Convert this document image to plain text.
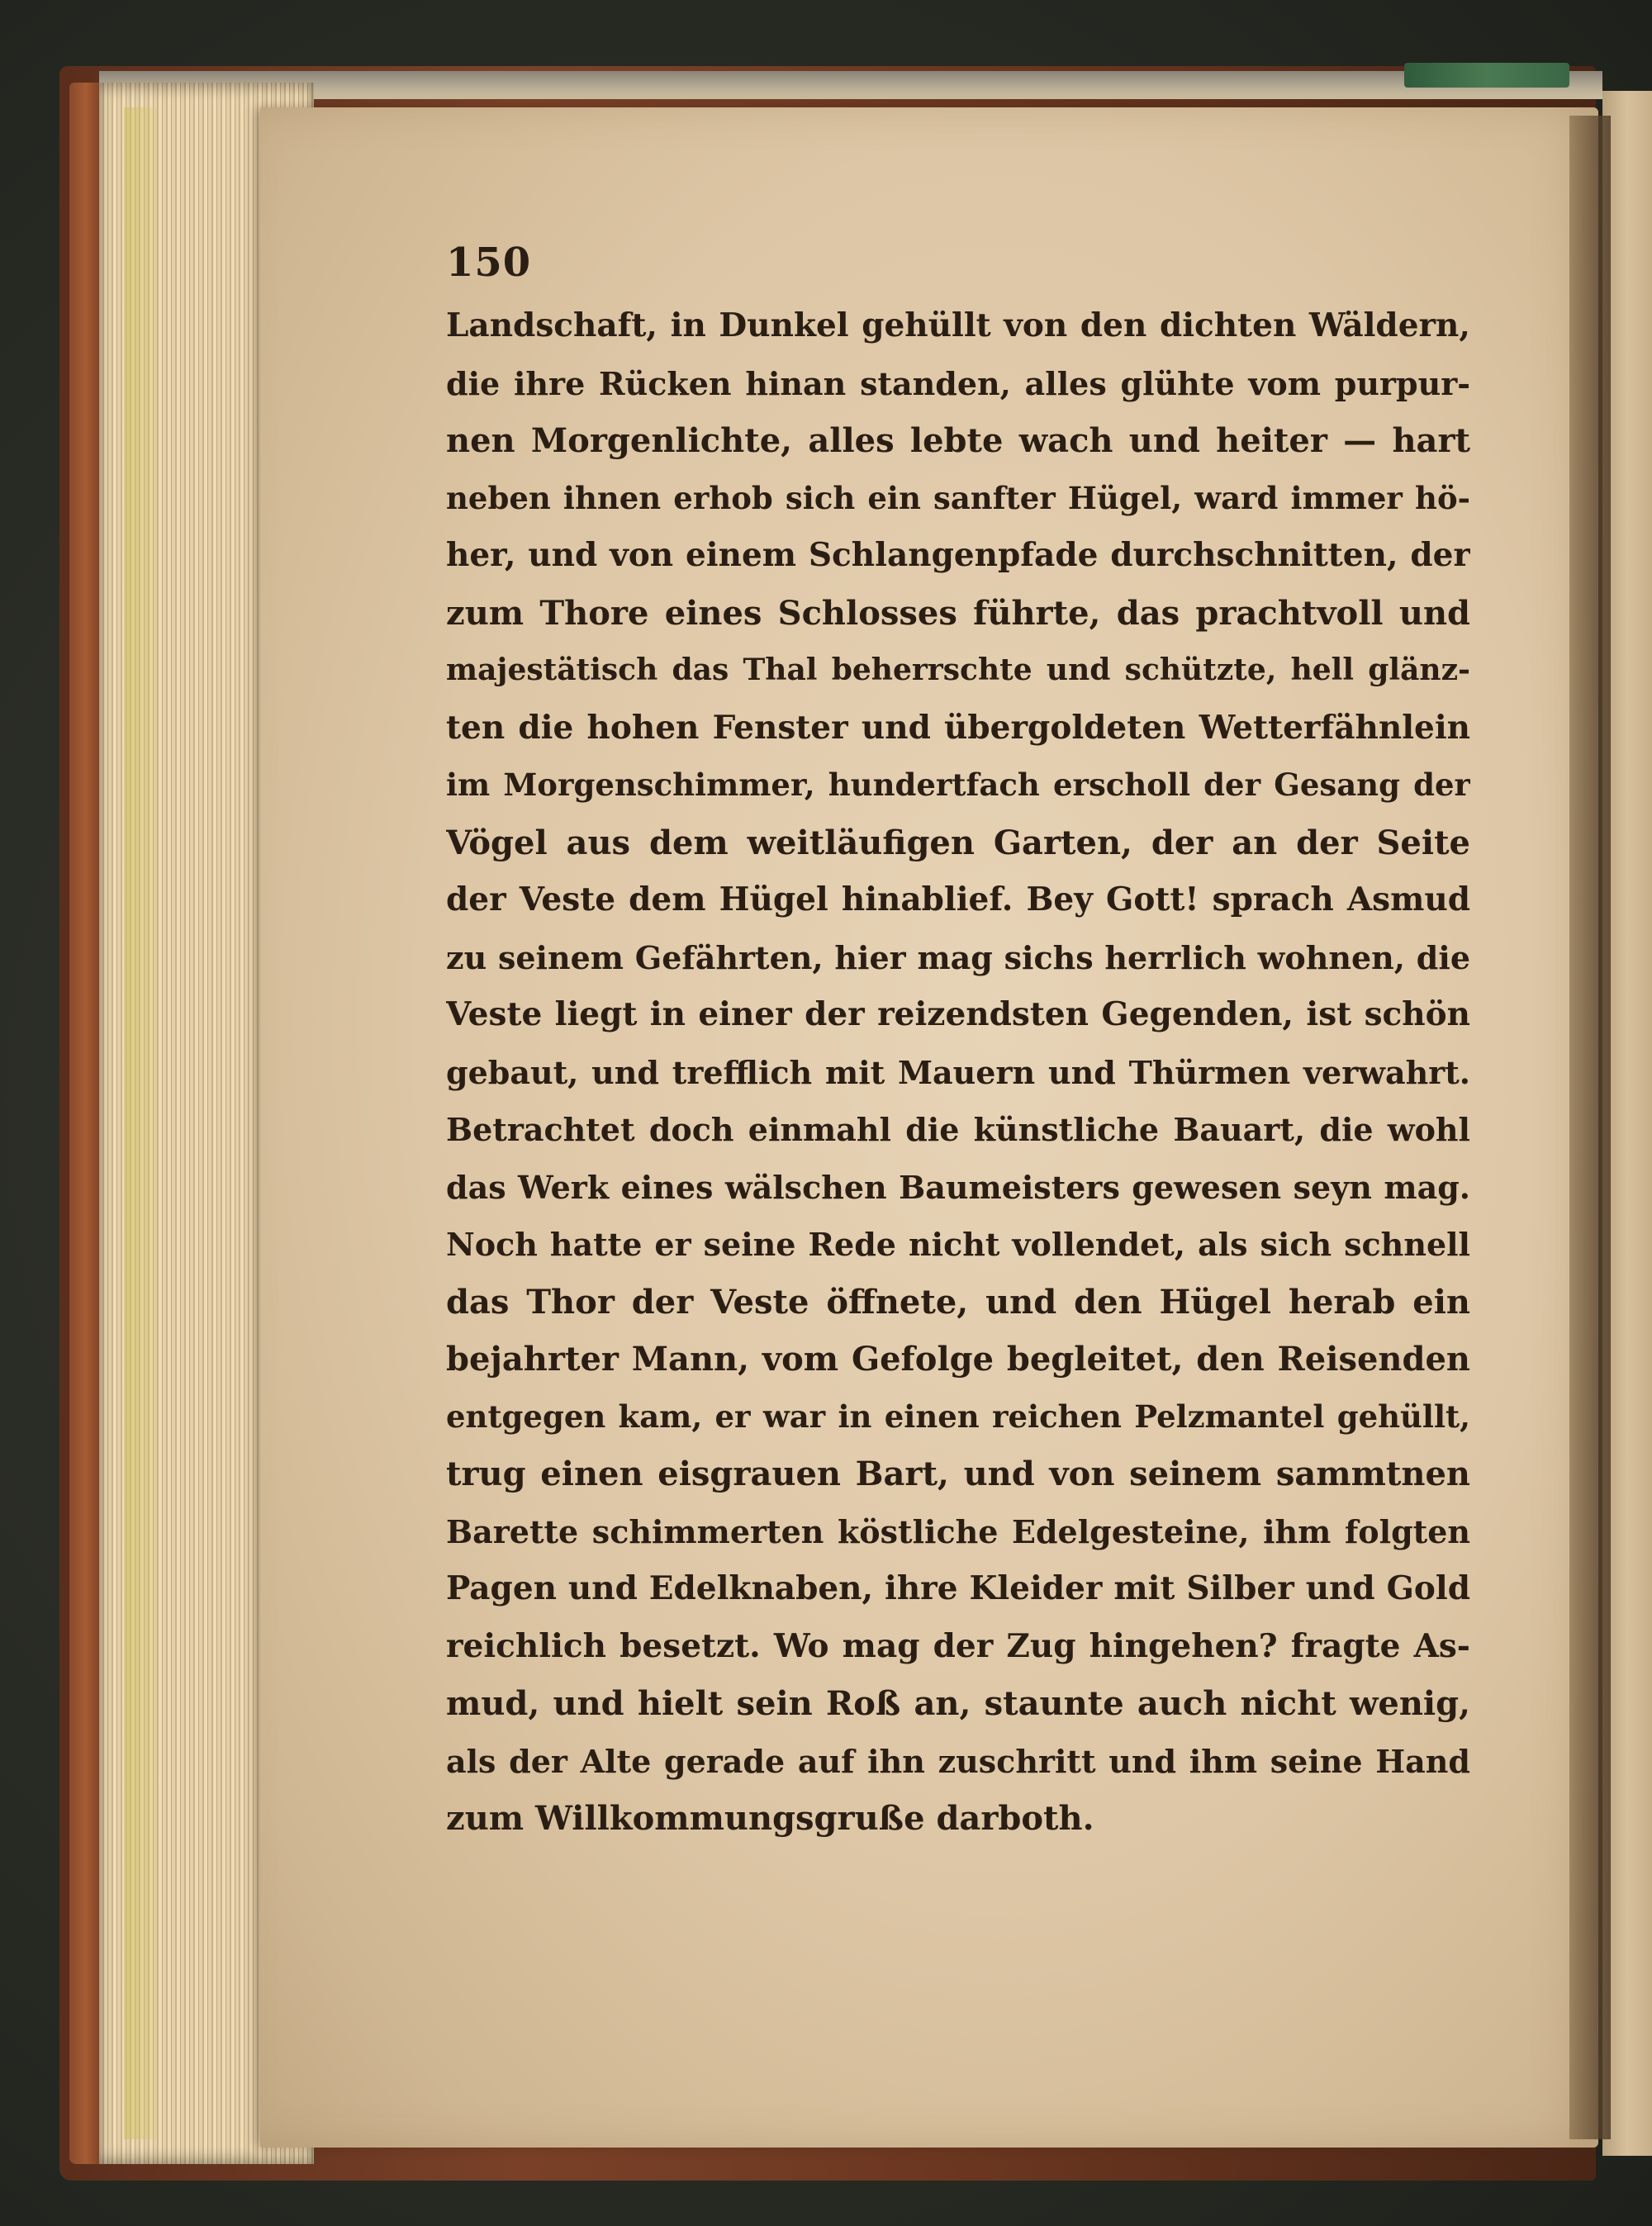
150
Landschaft, in Dunkel gehüllt von den dichten Wäldern,
die ihre Rücken hinan standen, alles glühte vom purpur-
nen Morgenlichte, alles lebte wach und heiter — hart
neben ihnen erhob sich ein sanfter Hügel, ward immer hö-
her, und von einem Schlangenpfade durchschnitten, der
zum Thore eines Schlosses führte, das prachtvoll und
majestätisch das Thal beherrschte und schützte, hell glänz-
ten die hohen Fenster und übergoldeten Wetterfähnlein
im Morgenschimmer, hundertfach erscholl der Gesang der
Vögel aus dem weitläufigen Garten, der an der Seite
der Veste dem Hügel hinablief. Bey Gott! sprach Asmud
zu seinem Gefährten, hier mag sichs herrlich wohnen, die
Veste liegt in einer der reizendsten Gegenden, ist schön
gebaut, und trefflich mit Mauern und Thürmen verwahrt.
Betrachtet doch einmahl die künstliche Bauart, die wohl
das Werk eines wälschen Baumeisters gewesen seyn mag.
Noch hatte er seine Rede nicht vollendet, als sich schnell
das Thor der Veste öffnete, und den Hügel herab ein
bejahrter Mann, vom Gefolge begleitet, den Reisenden
entgegen kam, er war in einen reichen Pelzmantel gehüllt,
trug einen eisgrauen Bart, und von seinem sammtnen
Barette schimmerten köstliche Edelgesteine, ihm folgten
Pagen und Edelknaben, ihre Kleider mit Silber und Gold
reichlich besetzt. Wo mag der Zug hingehen? fragte As-
mud, und hielt sein Roß an, staunte auch nicht wenig,
als der Alte gerade auf ihn zuschritt und ihm seine Hand
zum Willkommungsgruße darboth.
